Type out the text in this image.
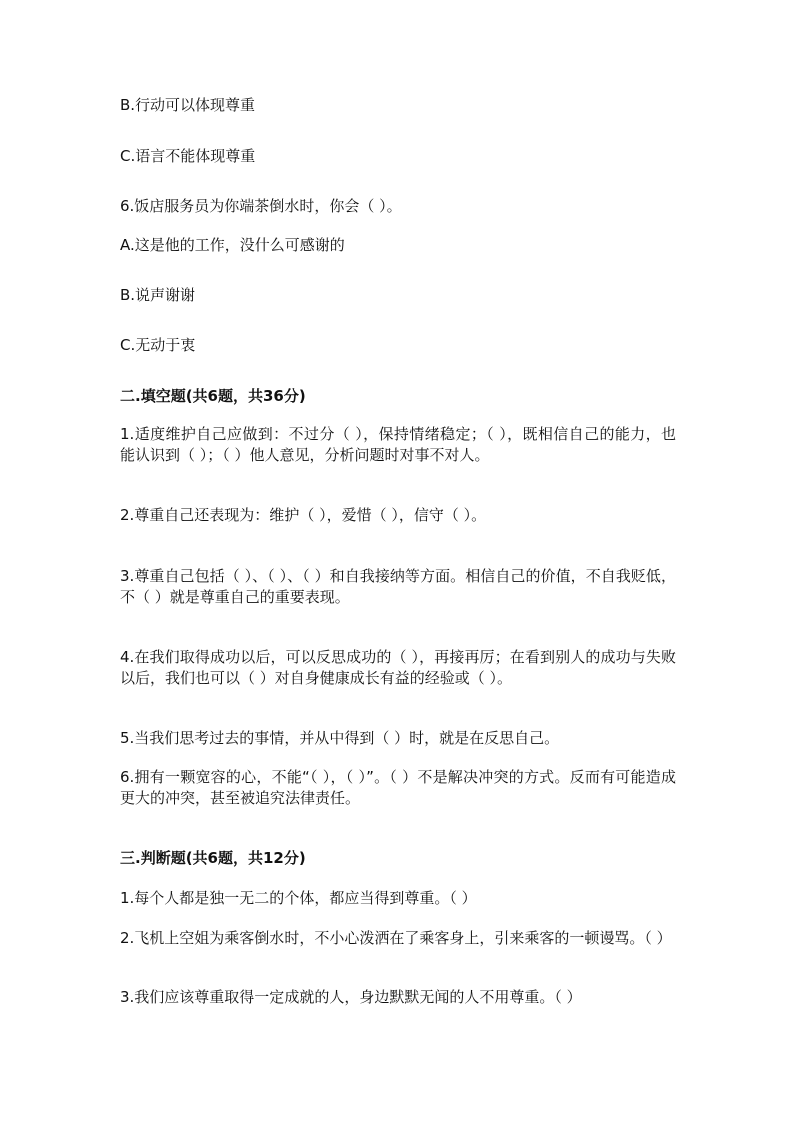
B.行动可以体现尊重

C.语言不能体现尊重

6.饭店服务员为你端茶倒水时，你会（ ）。

A.这是他的工作，没什么可感谢的

B.说声谢谢

C.无动于衷

二.填空题(共6题，共36分)

1.适度维护自己应做到：不过分（ ），保持情绪稳定；（ ），既相信自己的能力，也能认识到（ ）；（ ）他人意见，分析问题时对事不对人。

2.尊重自己还表现为：维护（ ），爱惜（ ），信守（ ）。

3.尊重自己包括（ ）、（ ）、（ ）和自我接纳等方面。相信自己的价值，不自我贬低，不（ ）就是尊重自己的重要表现。

4.在我们取得成功以后，可以反思成功的（ ），再接再厉；在看到别人的成功与失败以后，我们也可以（ ）对自身健康成长有益的经验或（ ）。

5.当我们思考过去的事情，并从中得到（ ）时，就是在反思自己。

6.拥有一颗宽容的心，不能“（ ），（ ）”。（ ）不是解决冲突的方式。反而有可能造成更大的冲突，甚至被追究法律责任。

三.判断题(共6题，共12分)

1.每个人都是独一无二的个体，都应当得到尊重。（ ）

2.飞机上空姐为乘客倒水时，不小心泼洒在了乘客身上，引来乘客的一顿谩骂。（ ）

3.我们应该尊重取得一定成就的人，身边默默无闻的人不用尊重。（ ）
